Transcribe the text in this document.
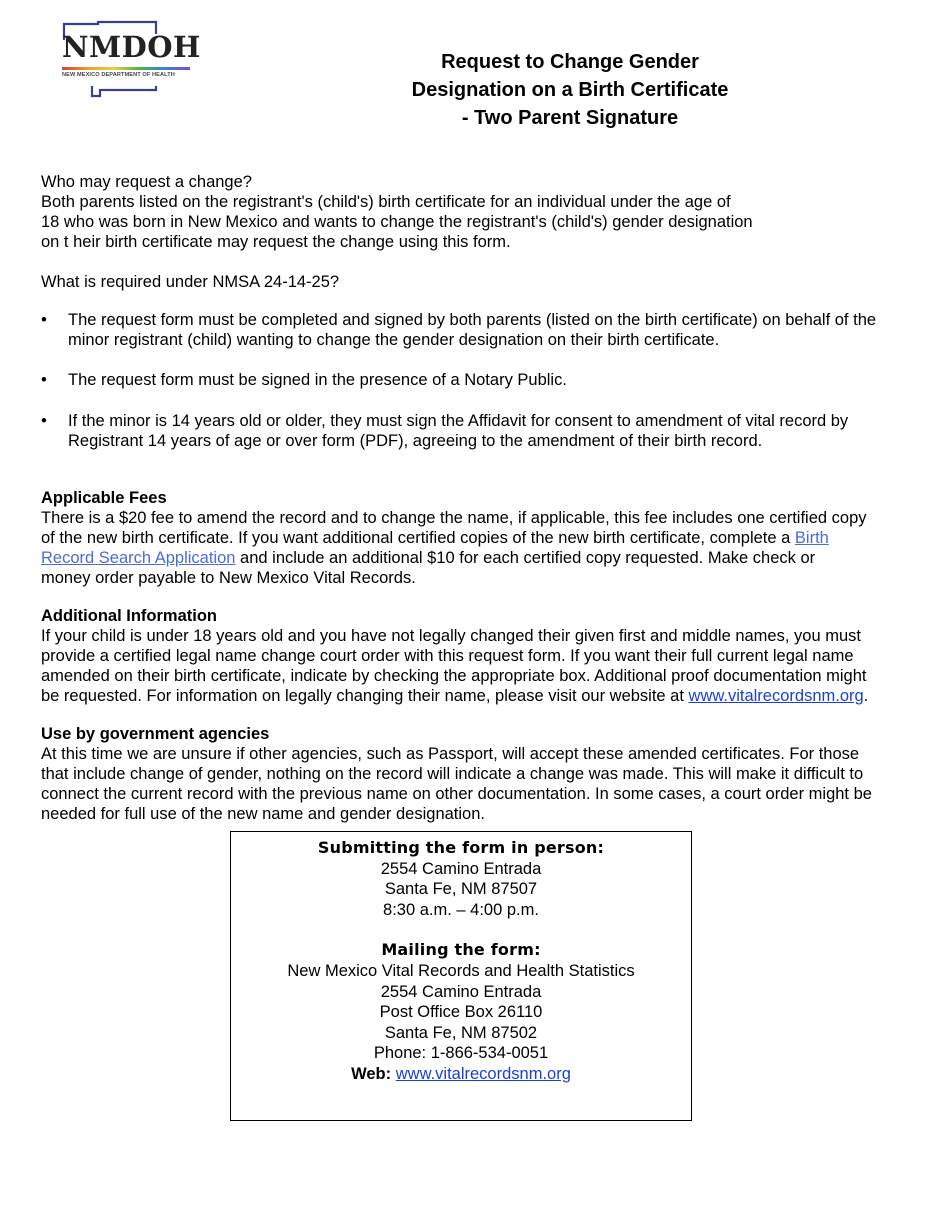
NMDOH
NEW MEXICO DEPARTMENT OF HEALTH
Request to Change Gender
Designation on a Birth Certificate
- Two Parent Signature
Who may request a change?
Both parents listed on the registrant's (child's) birth certificate for an individual under the age of
18 who was born in New Mexico and wants to change the registrant's (child's) gender designation
on t heir birth certificate may request the change using this form.
What is required under NMSA 24-14-25?
• The request form must be completed and signed by both parents (listed on the birth certificate) on behalf of the
minor registrant (child) wanting to change the gender designation on their birth certificate.
• The request form must be signed in the presence of a Notary Public.
• If the minor is 14 years old or older, they must sign the Affidavit for consent to amendment of vital record by
Registrant 14 years of age or over form (PDF), agreeing to the amendment of their birth record.
Applicable Fees
There is a $20 fee to amend the record and to change the name, if applicable, this fee includes one certified copy
of the new birth certificate. If you want additional certified copies of the new birth certificate, complete a Birth
Record Search Application and include an additional $10 for each certified copy requested. Make check or
money order payable to New Mexico Vital Records.
Additional Information
If your child is under 18 years old and you have not legally changed their given first and middle names, you must
provide a certified legal name change court order with this request form. If you want their full current legal name
amended on their birth certificate, indicate by checking the appropriate box. Additional proof documentation might
be requested. For information on legally changing their name, please visit our website at www.vitalrecordsnm.org.
Use by government agencies
At this time we are unsure if other agencies, such as Passport, will accept these amended certificates. For those
that include change of gender, nothing on the record will indicate a change was made. This will make it difficult to
connect the current record with the previous name on other documentation. In some cases, a court order might be
needed for full use of the new name and gender designation.
Submitting the form in person:
2554 Camino Entrada
Santa Fe, NM 87507
8:30 a.m. – 4:00 p.m.
Mailing the form:
New Mexico Vital Records and Health Statistics
2554 Camino Entrada
Post Office Box 26110
Santa Fe, NM 87502
Phone: 1-866-534-0051
Web: www.vitalrecordsnm.org
